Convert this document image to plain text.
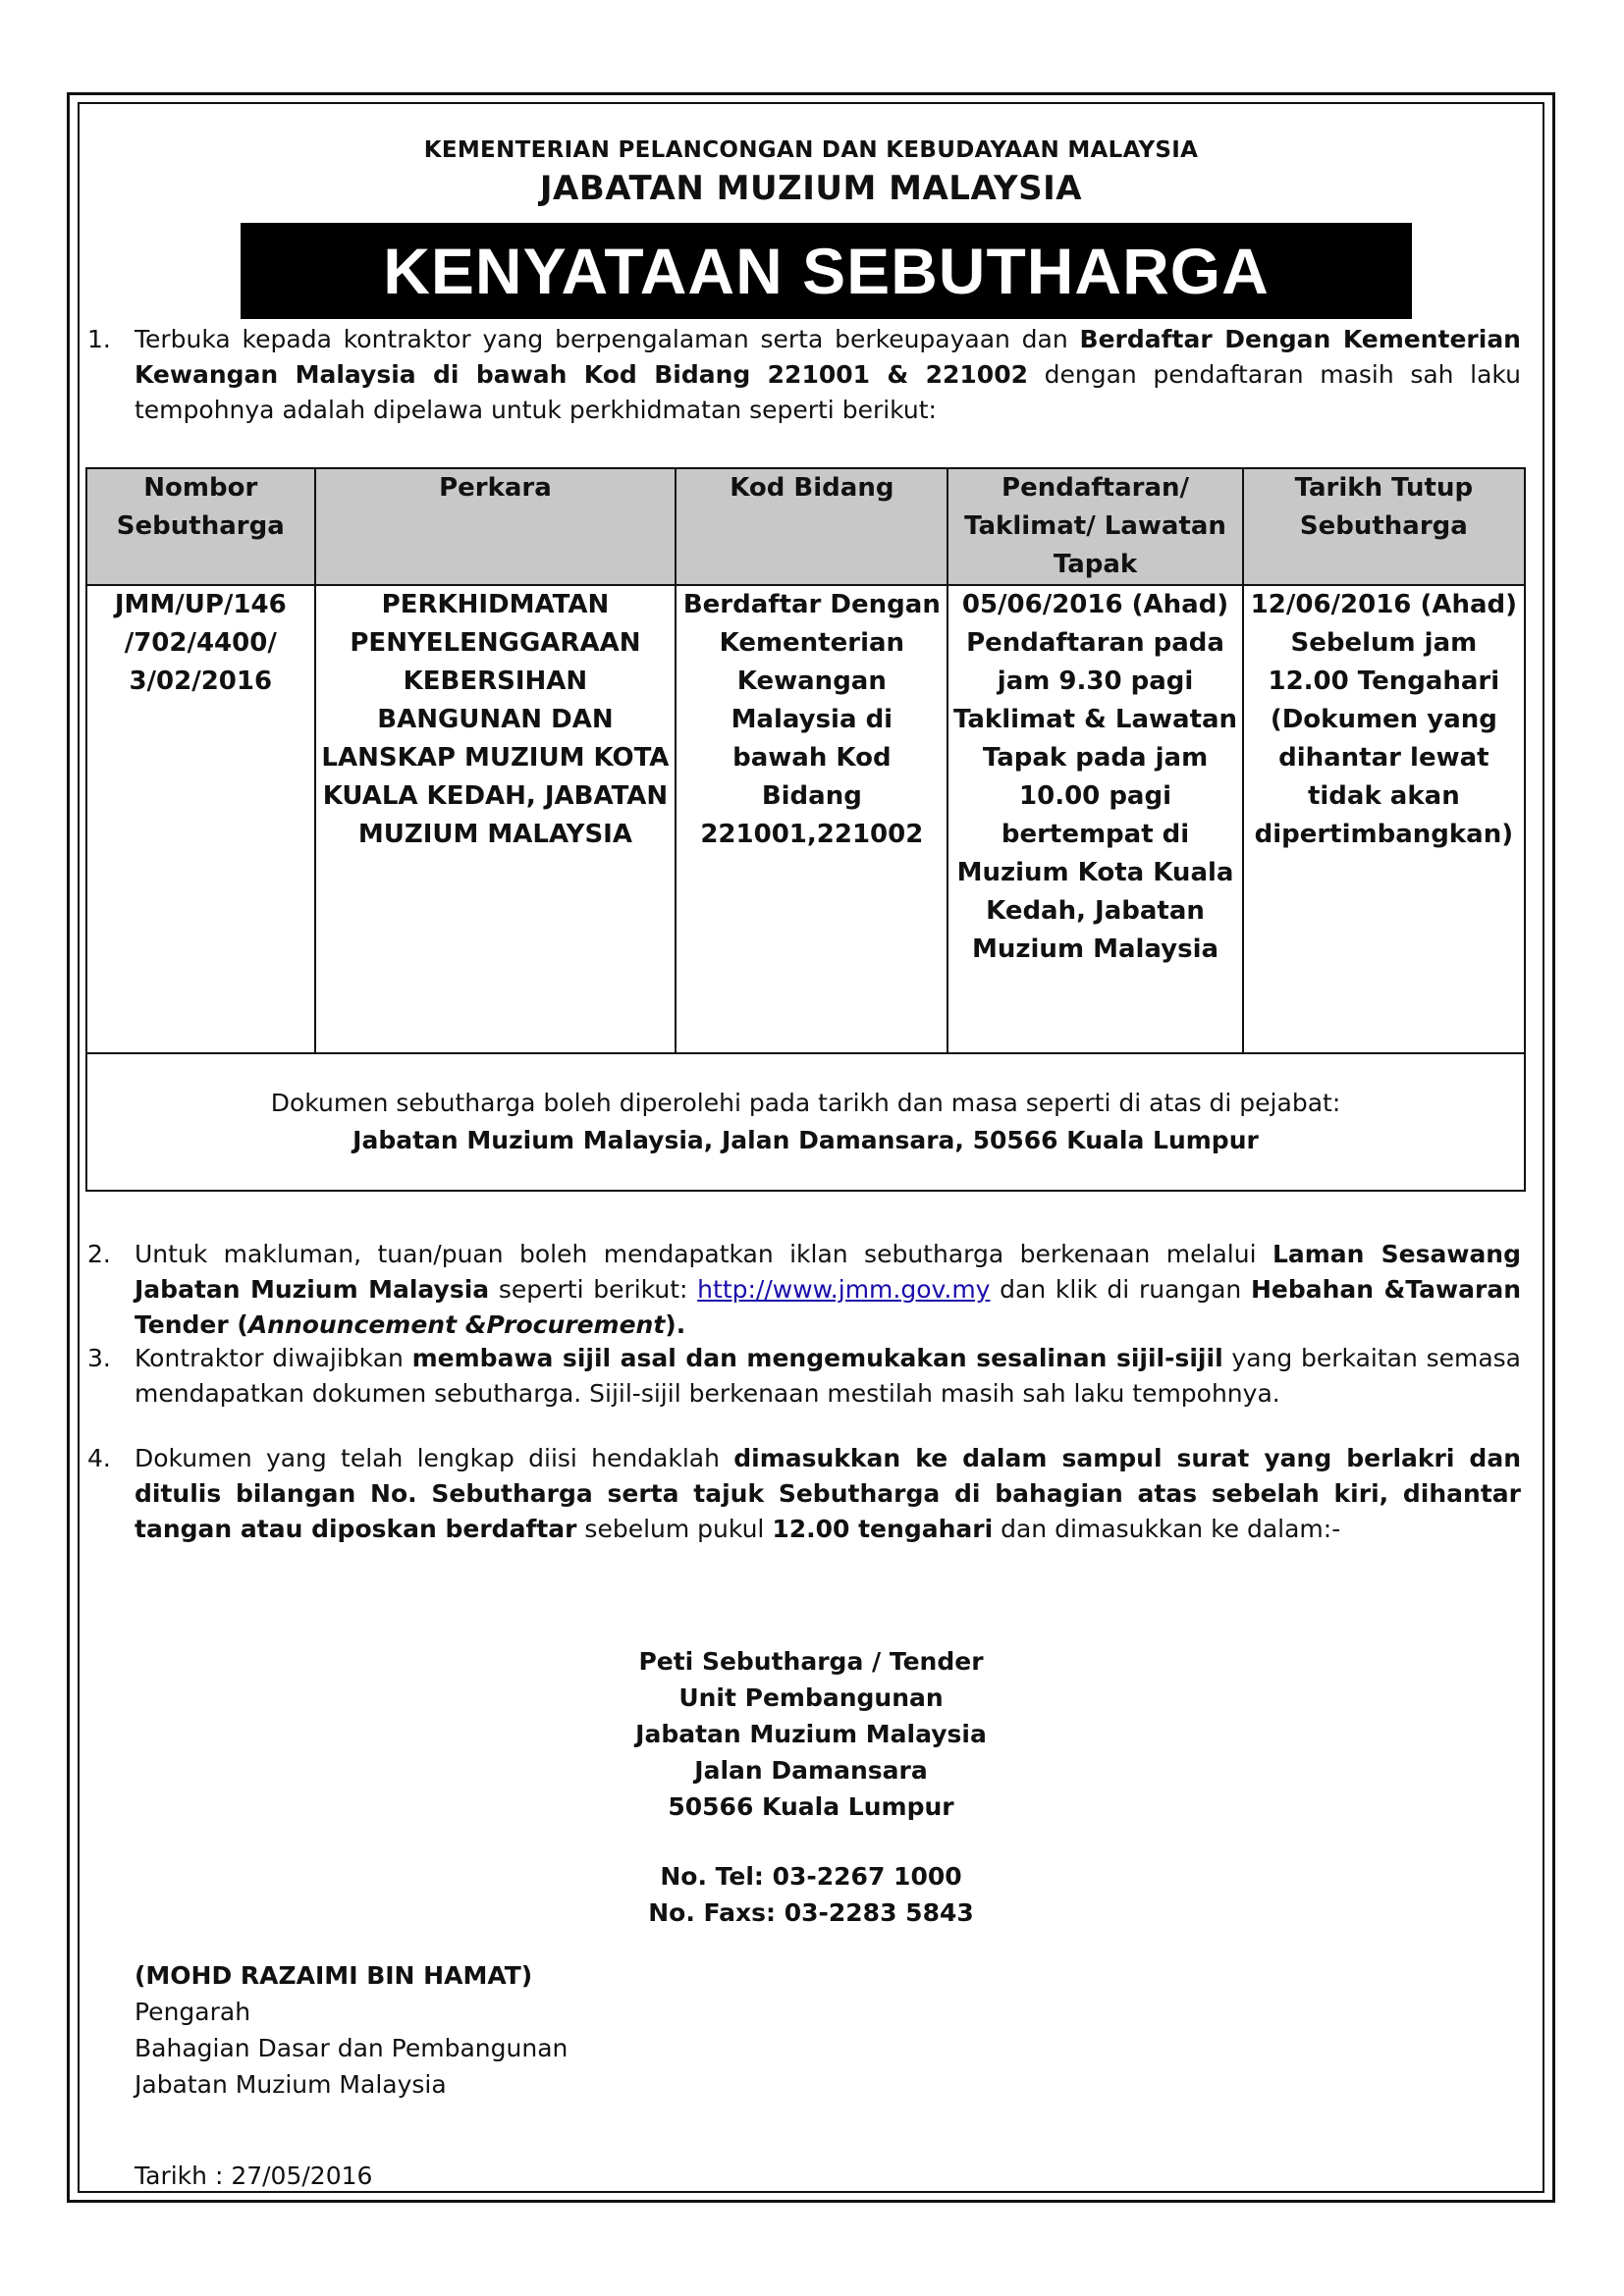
KEMENTERIAN PELANCONGAN DAN KEBUDAYAAN MALAYSIA
JABATAN MUZIUM MALAYSIA
KENYATAAN SEBUTHARGA
1. Terbuka kepada kontraktor yang berpengalaman serta berkeupayaan dan Berdaftar Dengan Kementerian Kewangan Malaysia di bawah Kod Bidang 221001 & 221002 dengan pendaftaran masih sah laku tempohnya adalah dipelawa untuk perkhidmatan seperti berikut:
Nombor Sebutharga	Perkara	Kod Bidang	Pendaftaran/ Taklimat/ Lawatan Tapak	Tarikh Tutup Sebutharga
JMM/UP/146 /702/4400/ 3/02/2016	PERKHIDMATAN PENYELENGGARAAN KEBERSIHAN BANGUNAN DAN LANSKAP MUZIUM KOTA KUALA KEDAH, JABATAN MUZIUM MALAYSIA	Berdaftar Dengan Kementerian Kewangan Malaysia di bawah Kod Bidang 221001,221002	05/06/2016 (Ahad) Pendaftaran pada jam 9.30 pagi Taklimat & Lawatan Tapak pada jam 10.00 pagi bertempat di Muzium Kota Kuala Kedah, Jabatan Muzium Malaysia	12/06/2016 (Ahad) Sebelum jam 12.00 Tengahari (Dokumen yang dihantar lewat tidak akan dipertimbangkan)

Dokumen sebutharga boleh diperolehi pada tarikh dan masa seperti di atas di pejabat:
Jabatan Muzium Malaysia, Jalan Damansara, 50566 Kuala Lumpur				
2. Untuk makluman, tuan/puan boleh mendapatkan iklan sebutharga berkenaan melalui Laman Sesawang Jabatan Muzium Malaysia seperti berikut: http://www.jmm.gov.my dan klik di ruangan Hebahan &Tawaran Tender (Announcement &Procurement).
3. Kontraktor diwajibkan membawa sijil asal dan mengemukakan sesalinan sijil-sijil yang berkaitan semasa mendapatkan dokumen sebutharga. Sijil-sijil berkenaan mestilah masih sah laku tempohnya.
4. Dokumen yang telah lengkap diisi hendaklah dimasukkan ke dalam sampul surat yang berlakri dan ditulis bilangan No. Sebutharga serta tajuk Sebutharga di bahagian atas sebelah kiri, dihantar tangan atau diposkan berdaftar sebelum pukul 12.00 tengahari dan dimasukkan ke dalam:-
Peti Sebutharga / Tender
Unit Pembangunan
Jabatan Muzium Malaysia
Jalan Damansara
50566 Kuala Lumpur
No. Tel: 03-2267 1000
No. Faxs: 03-2283 5843
(MOHD RAZAIMI BIN HAMAT)
Pengarah
Bahagian Dasar dan Pembangunan
Jabatan Muzium Malaysia
Tarikh : 27/05/2016
